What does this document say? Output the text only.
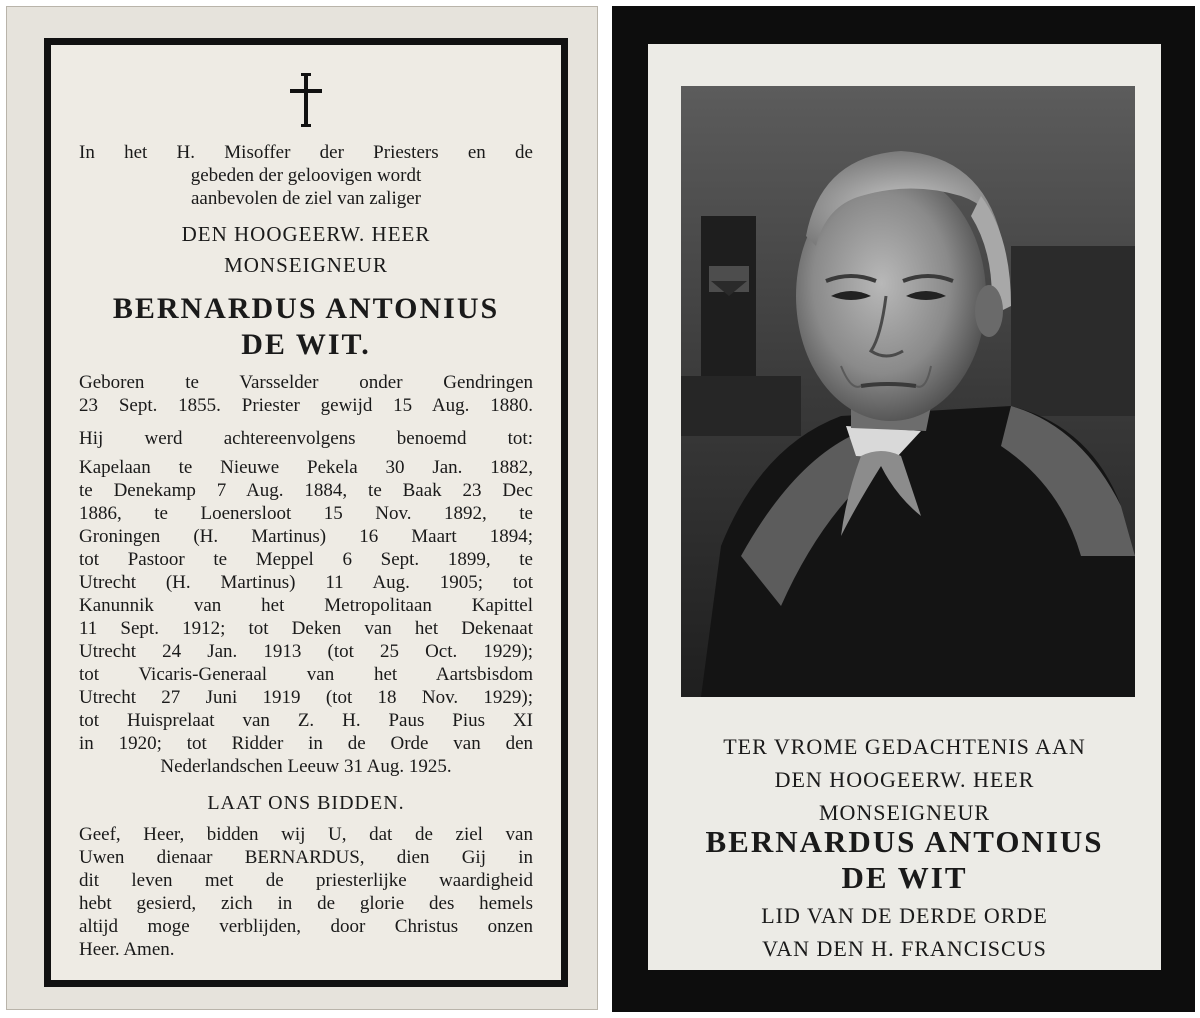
In het H. Misoffer der Priesters en de
gebeden der geloovigen wordt
aanbevolen de ziel van zaliger

DEN HOOGEERW. HEER
MONSEIGNEUR

BERNARDUS ANTONIUS
DE WIT.

Geboren te Varsselder onder Gendringen
23 Sept. 1855. Priester gewijd 15 Aug. 1880.

Hij werd achtereenvolgens benoemd tot:
Kapelaan te Nieuwe Pekela 30 Jan. 1882,
te Denekamp 7 Aug. 1884, te Baak 23 Dec
1886, te Loenersloot 15 Nov. 1892, te
Groningen (H. Martinus) 16 Maart 1894;
tot Pastoor te Meppel 6 Sept. 1899, te
Utrecht (H. Martinus) 11 Aug. 1905; tot
Kanunnik van het Metropolitaan Kapittel
11 Sept. 1912; tot Deken van het Dekenaat
Utrecht 24 Jan. 1913 (tot 25 Oct. 1929);
tot Vicaris-Generaal van het Aartsbisdom
Utrecht 27 Juni 1919 (tot 18 Nov. 1929);
tot Huisprelaat van Z. H. Paus Pius XI
in 1920; tot Ridder in de Orde van den
Nederlandschen Leeuw 31 Aug. 1925.

LAAT ONS BIDDEN.

Geef, Heer, bidden wij U, dat de ziel van
Uwen dienaar BERNARDUS, dien Gij in
dit leven met de priesterlijke waardigheid
hebt gesierd, zich in de glorie des hemels
altijd moge verblijden, door Christus onzen
Heer. Amen.

TER VROME GEDACHTENIS AAN
DEN HOOGEERW. HEER
MONSEIGNEUR

BERNARDUS ANTONIUS
DE WIT

LID VAN DE DERDE ORDE
VAN DEN H. FRANCISCUS
